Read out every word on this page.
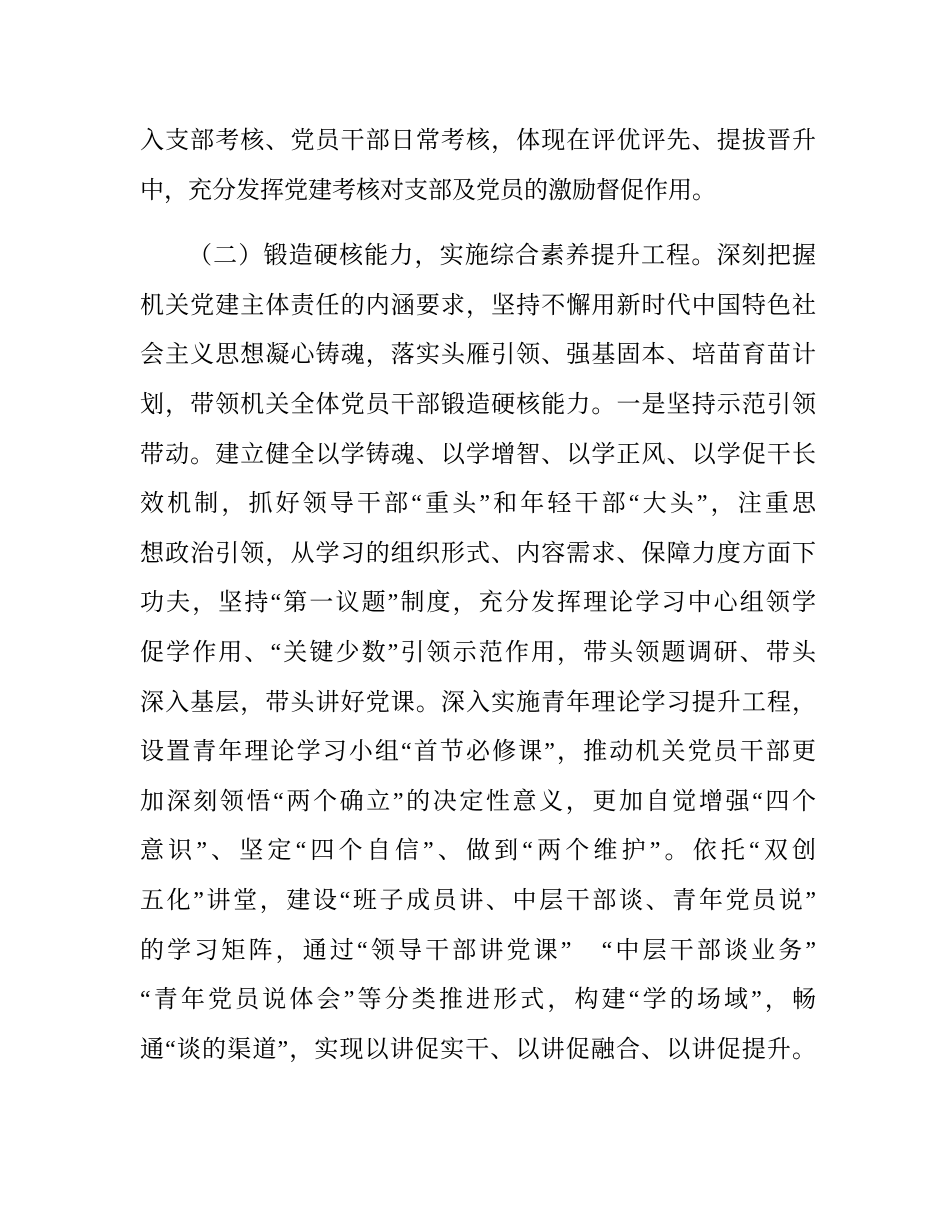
入支部考核、党员干部日常考核，体现在评优评先、提拔晋升
中，充分发挥党建考核对支部及党员的激励督促作用。
（二）锻造硬核能力，实施综合素养提升工程。深刻把握
机关党建主体责任的内涵要求，坚持不懈用新时代中国特色社
会主义思想凝心铸魂，落实头雁引领、强基固本、培苗育苗计
划，带领机关全体党员干部锻造硬核能力。一是坚持示范引领
带动。建立健全以学铸魂、以学增智、以学正风、以学促干长
效机制，抓好领导干部“重头”和年轻干部“大头”，注重思
想政治引领，从学习的组织形式、内容需求、保障力度方面下
功夫，坚持“第一议题”制度，充分发挥理论学习中心组领学
促学作用、“关键少数”引领示范作用，带头领题调研、带头
深入基层，带头讲好党课。深入实施青年理论学习提升工程，
设置青年理论学习小组“首节必修课”，推动机关党员干部更
加深刻领悟“两个确立”的决定性意义，更加自觉增强“四个
意识”、坚定“四个自信”、做到“两个维护”。依托“双创
五化”讲堂，建设“班子成员讲、中层干部谈、青年党员说”
的学习矩阵，通过“领导干部讲党课”　“中层干部谈业务”
“青年党员说体会”等分类推进形式，构建“学的场域”，畅
通“谈的渠道”，实现以讲促实干、以讲促融合、以讲促提升。
